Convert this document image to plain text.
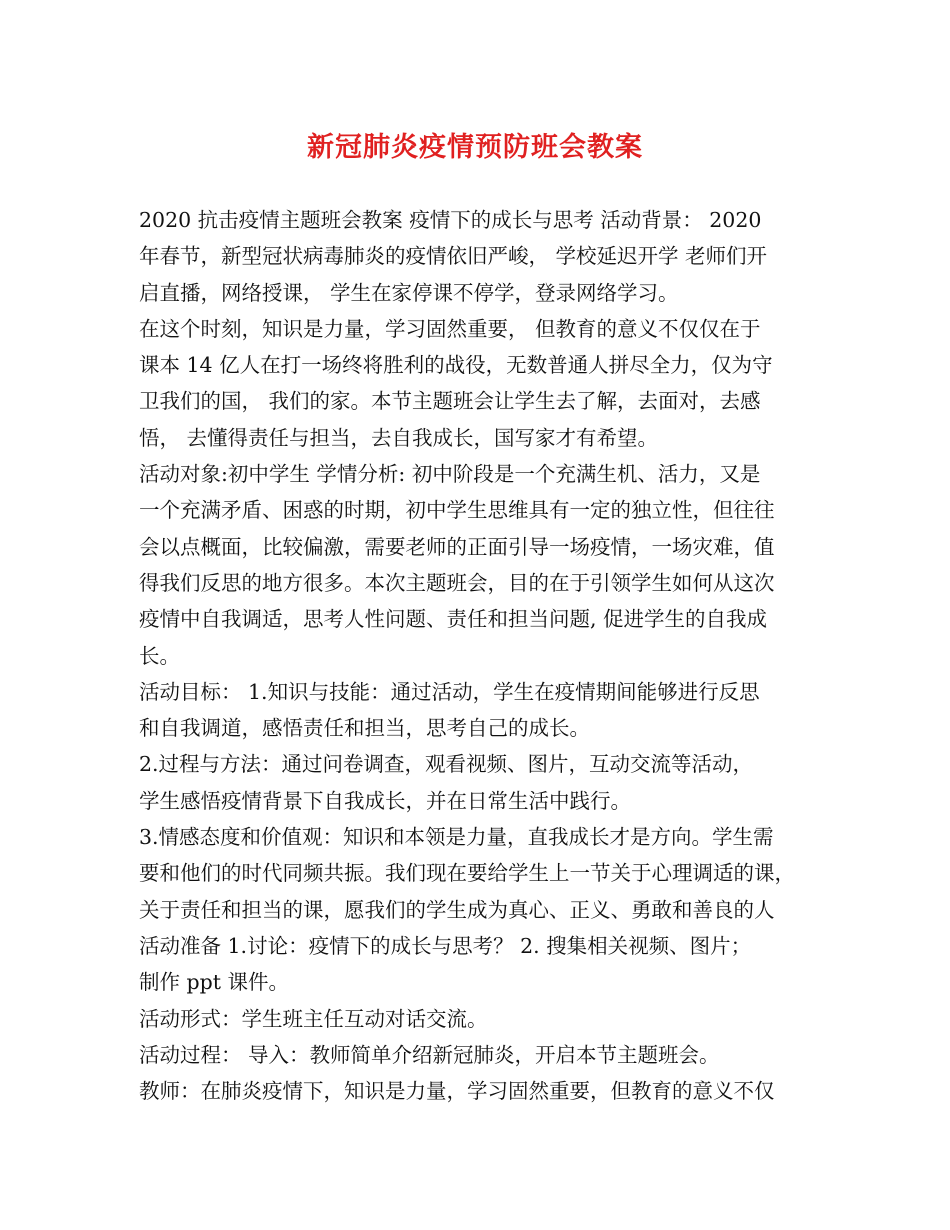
新冠肺炎疫情预防班会教案
2020 抗击疫情主题班会教案 疫情下的成长与思考 活动背景： 2020
年春节，新型冠状病毒肺炎的疫情依旧严峻， 学校延迟开学 老师们开
启直播，网络授课， 学生在家停课不停学，登录网络学习。
在这个时刻，知识是力量，学习固然重要， 但教育的意义不仅仅在于
课本 14 亿人在打一场终将胜利的战役，无数普通人拼尽全力，仅为守
卫我们的国， 我们的家。本节主题班会让学生去了解，去面对，去感
悟， 去懂得责任与担当，去自我成长，国写家才有希望。
活动对象:初中学生 学情分析: 初中阶段是一个充满生机、活力，又是
一个充满矛盾、困惑的时期，初中学生思维具有一定的独立性，但往往
会以点概面，比较偏激，需要老师的正面引导一场疫情，一场灾难，值
得我们反思的地方很多。本次主题班会，目的在于引领学生如何从这次
疫情中自我调适，思考人性问题、责任和担当问题, 促进学生的自我成
长。
活动目标： 1.知识与技能：通过活动，学生在疫情期间能够进行反思
和自我调道，感悟责任和担当，思考自己的成长。
2.过程与方法：通过问卷调查，观看视频、图片，互动交流等活动，
学生感悟疫情背景下自我成长，并在日常生活中践行。
3.情感态度和价值观：知识和本领是力量，直我成长才是方向。学生需
要和他们的时代同频共振。我们现在要给学生上一节关于心理调适的课，
关于责任和担当的课，愿我们的学生成为真心、正义、勇敢和善良的人
活动准备 1.讨论：疫情下的成长与思考？ 2. 搜集相关视频、图片；
制作 ppt 课件。
活动形式：学生班主任互动对话交流。
活动过程： 导入：教师简单介绍新冠肺炎，开启本节主题班会。
教师：在肺炎疫情下，知识是力量，学习固然重要，但教育的意义不仅
